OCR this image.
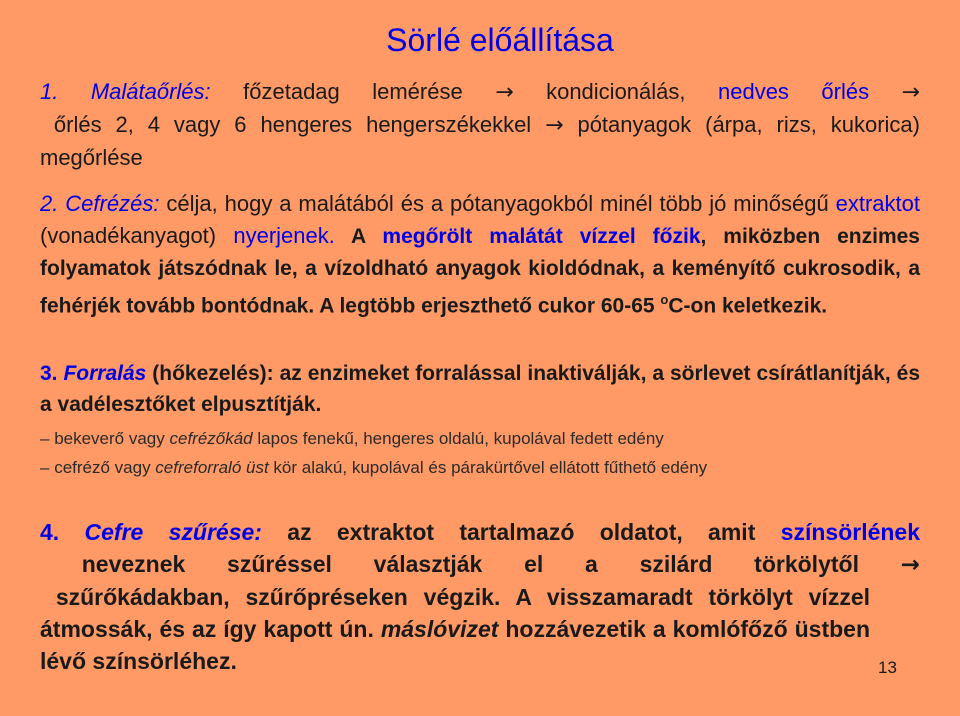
Sörlé előállítása
1. Malátaőrlés: főzetadag lemérése → kondicionálás, nedves őrlés →
őrlés 2, 4 vagy 6 hengeres hengerszékekkel → pótanyagok (árpa, rizs, kukorica) megőrlése
2. Cefrézés: célja, hogy a malátából és a pótanyagokból minél több jó minőségű extraktot (vonadékanyagot) nyerjenek. A megőrölt malátát vízzel főzik, miközben enzimes folyamatok játszódnak le, a vízoldható anyagok kioldódnak, a keményítő cukrosodik, a fehérjék tovább bontódnak. A legtöbb erjeszthető cukor 60-65 $^o$C-on keletkezik.
3. Forralás (hőkezelés): az enzimeket forralással inaktiválják, a sörlevet csírátlanítják, és a vadélesztőket elpusztítják.
– bekeverő vagy cefrézőkád lapos fenekű, hengeres oldalú, kupolával fedett edény
– cefréző vagy cefreforraló üst kör alakú, kupolával és párakürtővel ellátott fűthető edény
4. Cefre szűrése: az extraktot tartalmazó oldatot, amit színsörlének
neveznek szűréssel választják el a szilárd törkölytől →
szűrőkádakban, szűrőpréseken végzik. A visszamaradt törkölyt vízzel átmossák, és az így kapott ún. máslóvizet hozzávezetik a komlófőző üstben lévő színsörléhez.	13
